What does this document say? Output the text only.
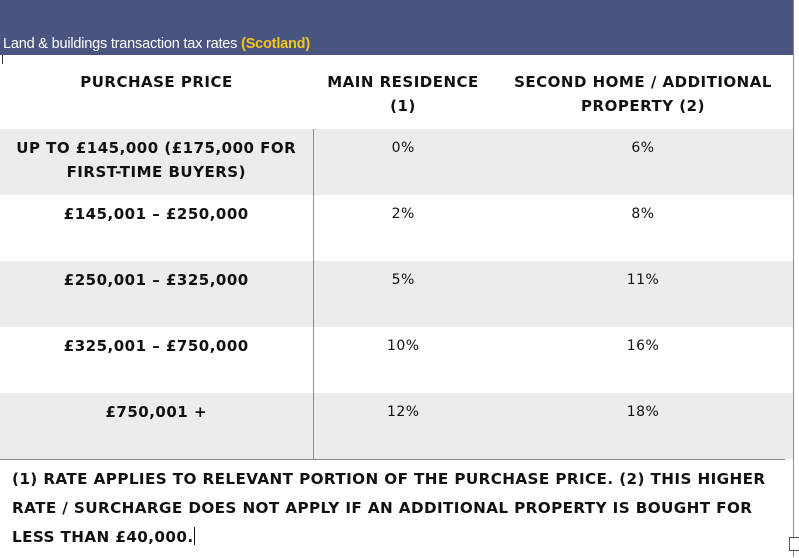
Land & buildings transaction tax rates (Scotland)
PURCHASE PRICE	MAIN RESIDENCE (1)	SECOND HOME / ADDITIONAL PROPERTY (2)
UP TO £145,000 (£175,000 FOR FIRST-TIME BUYERS)	0%	6%
£145,001 – £250,000	2%	8%
£250,001 – £325,000	5%	11%
£325,001 – £750,000	10%	16%
£750,001 +	12%	18%
(1) RATE APPLIES TO RELEVANT PORTION OF THE PURCHASE PRICE. (2) THIS HIGHER RATE / SURCHARGE DOES NOT APPLY IF AN ADDITIONAL PROPERTY IS BOUGHT FOR LESS THAN £40,000.
